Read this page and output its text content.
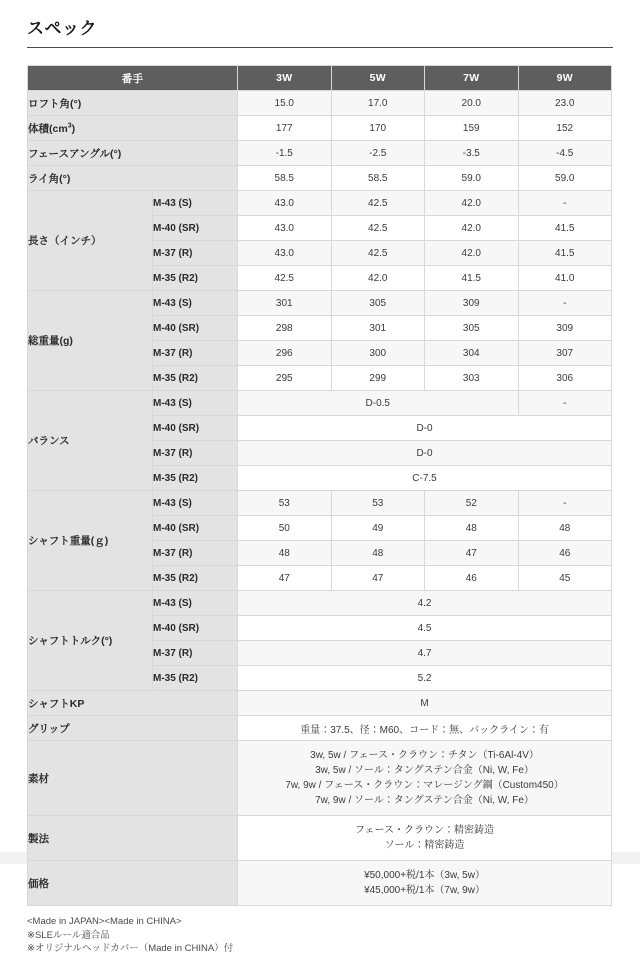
スペック
番手		3W	5W	7W	9W
ロフト角(°)		15.0	17.0	20.0	23.0
体積$(cm^3)$		177	170	159	152
フェースアングル(°)		-1.5	-2.5	-3.5	-4.5
ライ角(°)		58.5	58.5	59.0	59.0
長さ（インチ）	M-43 (S)	43.0	42.5	42.0	-
	M-40 (SR)	43.0	42.5	42.0	41.5
	M-37 (R)	43.0	42.5	42.0	41.5
	M-35 (R2)	42.5	42.0	41.5	41.0
総重量(g)	M-43 (S)	301	305	309	-
	M-40 (SR)	298	301	305	309
	M-37 (R)	296	300	304	307
	M-35 (R2)	295	299	303	306
バランス	M-43 (S)	D-0.5			-
	M-40 (SR)	D-0			
	M-37 (R)	D-0			
	M-35 (R2)	C-7.5			
シャフト重量(ｇ)	M-43 (S)	53	53	52	-
	M-40 (SR)	50	49	48	48
	M-37 (R)	48	48	47	46
	M-35 (R2)	47	47	46	45
シャフトトルク(°)	M-43 (S)	4.2			
	M-40 (SR)	4.5			
	M-37 (R)	4.7			
	M-35 (R2)	5.2			
シャフトKP		M			
グリップ		重量：37.5、径：M60、コード：無、バックライン：有			
素材		3w, 5w / フェース・クラウン：チタン（Ti-6Al-4V）
3w, 5w / ソール：タングステン合金（Ni, W, Fe）
7w, 9w / フェース・クラウン：マレージング鋼（Custom450）
7w, 9w / ソール：タングステン合金（Ni, W, Fe）			
製法		フェース・クラウン：精密鋳造
ソール：精密鋳造			
価格		¥50,000+税/1本（3w, 5w）
¥45,000+税/1本（7w, 9w）			
<Made in JAPAN><Made in CHINA>
※SLEルール適合品
※オリジナルヘッドカバー（Made in CHINA）付
